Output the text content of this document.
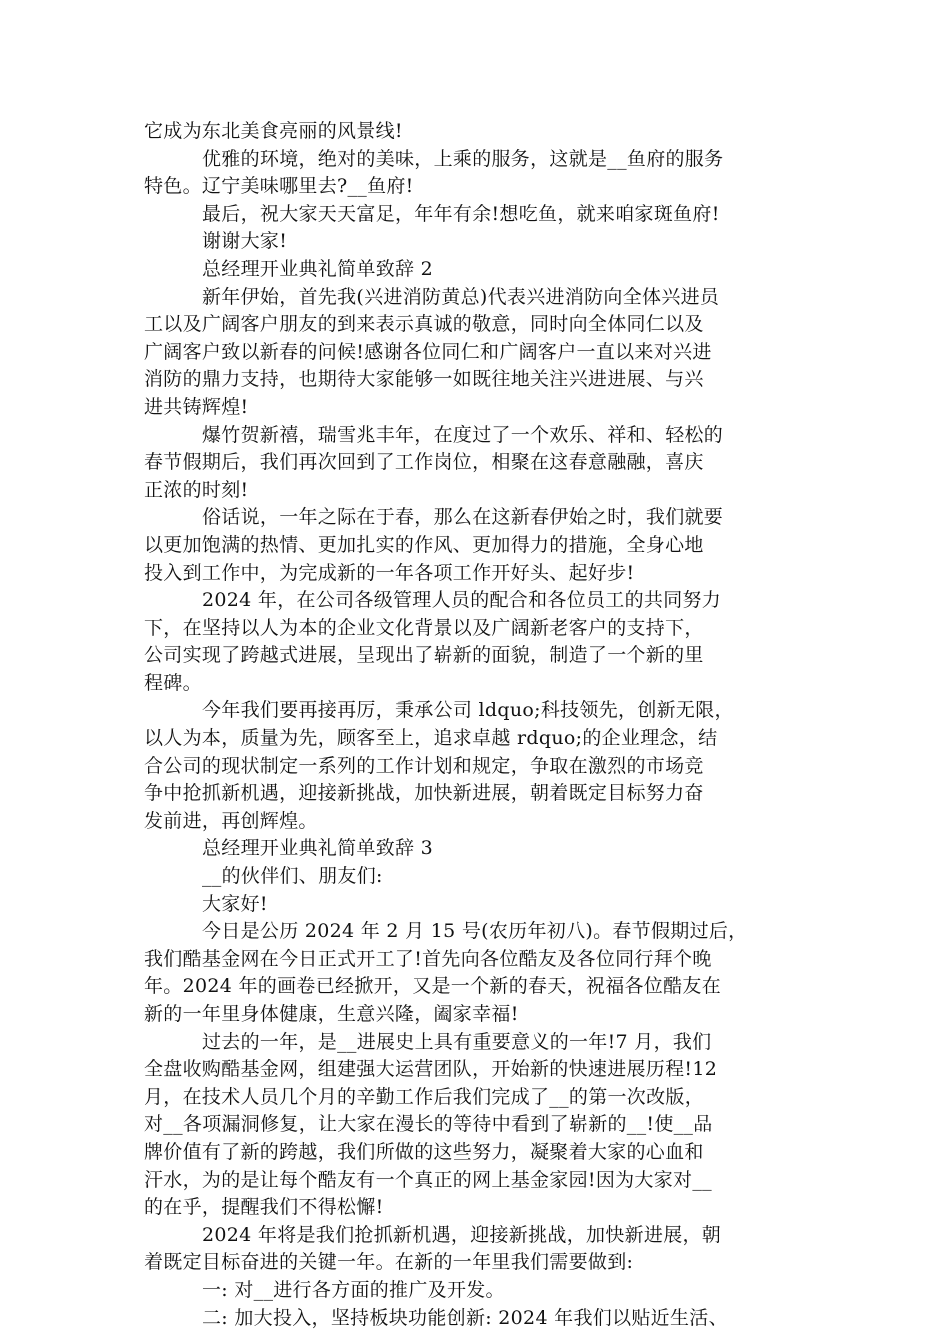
它成为东北美食亮丽的风景线!
优雅的环境，绝对的美味，上乘的服务，这就是__鱼府的服务
特色。辽宁美味哪里去?__鱼府!
最后，祝大家天天富足，年年有余!想吃鱼，就来咱家斑鱼府!
谢谢大家!
总经理开业典礼简单致辞 2
新年伊始，首先我(兴进消防黄总)代表兴进消防向全体兴进员
工以及广阔客户朋友的到来表示真诚的敬意，同时向全体同仁以及
广阔客户致以新春的问候!感谢各位同仁和广阔客户一直以来对兴进
消防的鼎力支持，也期待大家能够一如既往地关注兴进进展、与兴
进共铸辉煌!
爆竹贺新禧，瑞雪兆丰年，在度过了一个欢乐、祥和、轻松的
春节假期后，我们再次回到了工作岗位，相聚在这春意融融，喜庆
正浓的时刻!
俗话说，一年之际在于春，那么在这新春伊始之时，我们就要
以更加饱满的热情、更加扎实的作风、更加得力的措施，全身心地
投入到工作中，为完成新的一年各项工作开好头、起好步!
2024 年，在公司各级管理人员的配合和各位员工的共同努力
下，在坚持以人为本的企业文化背景以及广阔新老客户的支持下，
公司实现了跨越式进展，呈现出了崭新的面貌，制造了一个新的里
程碑。
今年我们要再接再厉，秉承公司 ldquo;科技领先，创新无限，
以人为本，质量为先，顾客至上，追求卓越 rdquo;的企业理念，结
合公司的现状制定一系列的工作计划和规定，争取在激烈的市场竞
争中抢抓新机遇，迎接新挑战，加快新进展，朝着既定目标努力奋
发前进，再创辉煌。
总经理开业典礼简单致辞 3
__的伙伴们、朋友们:
大家好!
今日是公历 2024 年 2 月 15 号(农历年初八)。春节假期过后，
我们酷基金网在今日正式开工了!首先向各位酷友及各位同行拜个晚
年。2024 年的画卷已经掀开，又是一个新的春天，祝福各位酷友在
新的一年里身体健康，生意兴隆，阖家幸福!
过去的一年，是__进展史上具有重要意义的一年!7 月，我们
全盘收购酷基金网，组建强大运营团队，开始新的快速进展历程!12
月，在技术人员几个月的辛勤工作后我们完成了__的第一次改版，
对__各项漏洞修复，让大家在漫长的等待中看到了崭新的__!使__品
牌价值有了新的跨越，我们所做的这些努力，凝聚着大家的心血和
汗水，为的是让每个酷友有一个真正的网上基金家园!因为大家对__
的在乎，提醒我们不得松懈!
2024 年将是我们抢抓新机遇，迎接新挑战，加快新进展，朝
着既定目标奋进的关键一年。在新的一年里我们需要做到:
一: 对__进行各方面的推广及开发。
二: 加大投入，坚持板块功能创新: 2024 年我们以贴近生活、
